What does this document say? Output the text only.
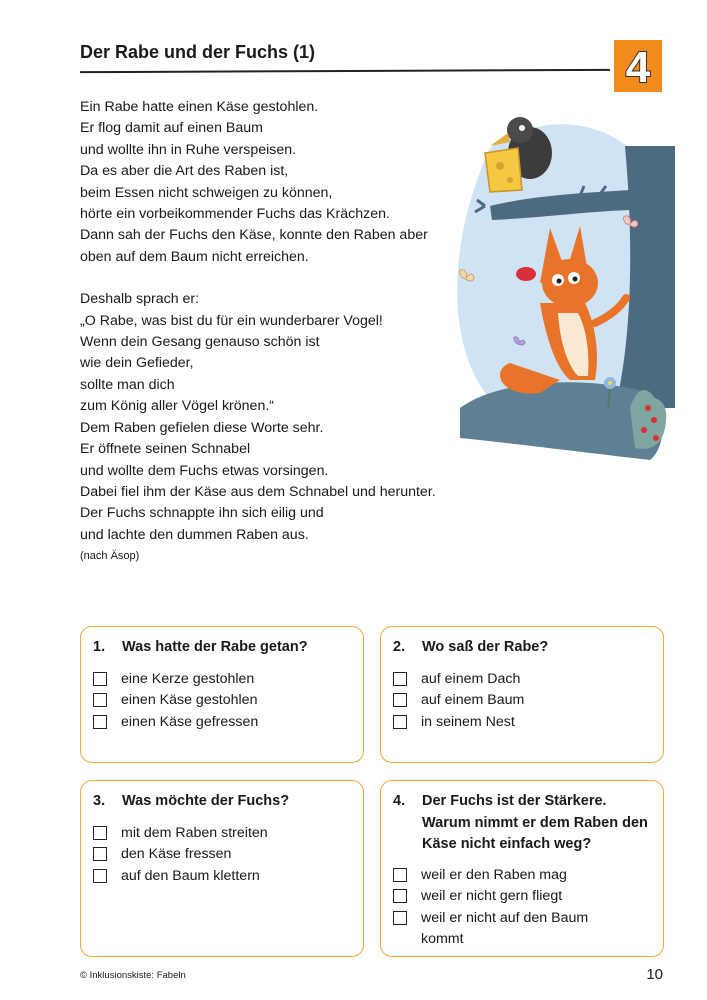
Der Rabe und der Fuchs (1)	4

Ein Rabe hatte einen Käse gestohlen.

Er flog damit auf einen Baum

und wollte ihn in Ruhe verspeisen.

Da es aber die Art des Raben ist,

beim Essen nicht schweigen zu können,

hörte ein vorbeikommender Fuchs das Krächzen.

Dann sah der Fuchs den Käse, konnte den Raben aber

oben auf dem Baum nicht erreichen.

Deshalb sprach er:

„O Rabe, was bist du für ein wunderbarer Vogel!

Wenn dein Gesang genauso schön ist

wie dein Gefieder,

sollte man dich

zum König aller Vögel krönen.“

Dem Raben gefielen diese Worte sehr.

Er öffnete seinen Schnabel

und wollte dem Fuchs etwas vorsingen.

Dabei fiel ihm der Käse aus dem Schnabel und herunter.

Der Fuchs schnappte ihn sich eilig und

und lachte den dummen Raben aus.

(nach Äsop)
1.	Was hatte der Rabe getan?
eine Kerze gestohlen
einen Käse gestohlen
einen Käse gefressen
2.	Wo saß der Rabe?
auf einem Dach
auf einem Baum
in seinem Nest
3.	Was möchte der Fuchs?
mit dem Raben streiten
den Käse fressen
auf den Baum klettern
4.	Der Fuchs ist der Stärkere. Warum nimmt er dem Raben den Käse nicht einfach weg?
weil er den Raben mag
weil er nicht gern fliegt
weil er nicht auf den Baum kommt
© Inklusionskiste: Fabeln	10
